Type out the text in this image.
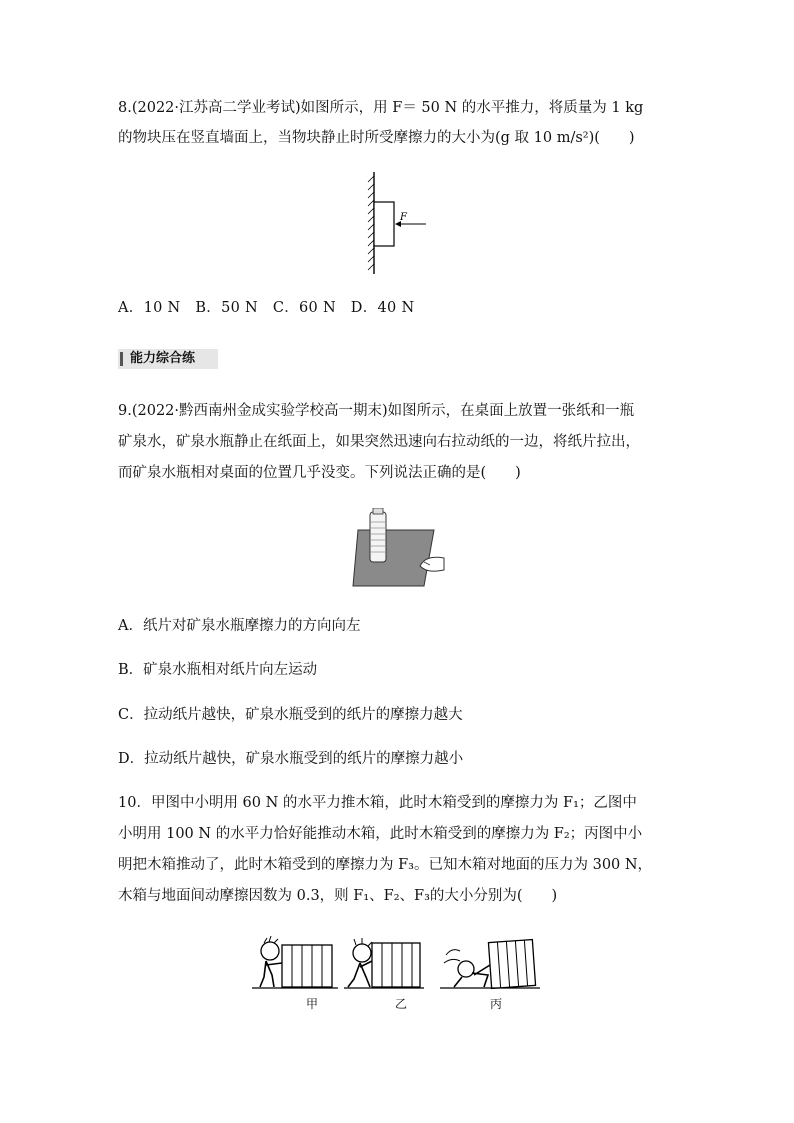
8.(2022·江苏高二学业考试)如图所示，用 F＝ 50 N 的水平推力，将质量为 1 kg
的物块压在竖直墙面上，当物块静止时所受摩擦力的大小为(g 取 10 m/s²)(　　)
F
A．10 N　B．50 N　C．60 N　D．40 N
能力综合练
9.(2022·黔西南州金成实验学校高一期末)如图所示，在桌面上放置一张纸和一瓶
矿泉水，矿泉水瓶静止在纸面上，如果突然迅速向右拉动纸的一边，将纸片拉出，
而矿泉水瓶相对桌面的位置几乎没变。下列说法正确的是(　　)
A．纸片对矿泉水瓶摩擦力的方向向左
B．矿泉水瓶相对纸片向左运动
C．拉动纸片越快，矿泉水瓶受到的纸片的摩擦力越大
D．拉动纸片越快，矿泉水瓶受到的纸片的摩擦力越小
10．甲图中小明用 60 N 的水平力推木箱，此时木箱受到的摩擦力为 F₁；乙图中
小明用 100 N 的水平力恰好能推动木箱，此时木箱受到的摩擦力为 F₂；丙图中小
明把木箱推动了，此时木箱受到的摩擦力为 F₃。已知木箱对地面的压力为 300 N，
木箱与地面间动摩擦因数为 0.3，则 F₁、F₂、F₃的大小分别为(　　)
甲	乙	丙
